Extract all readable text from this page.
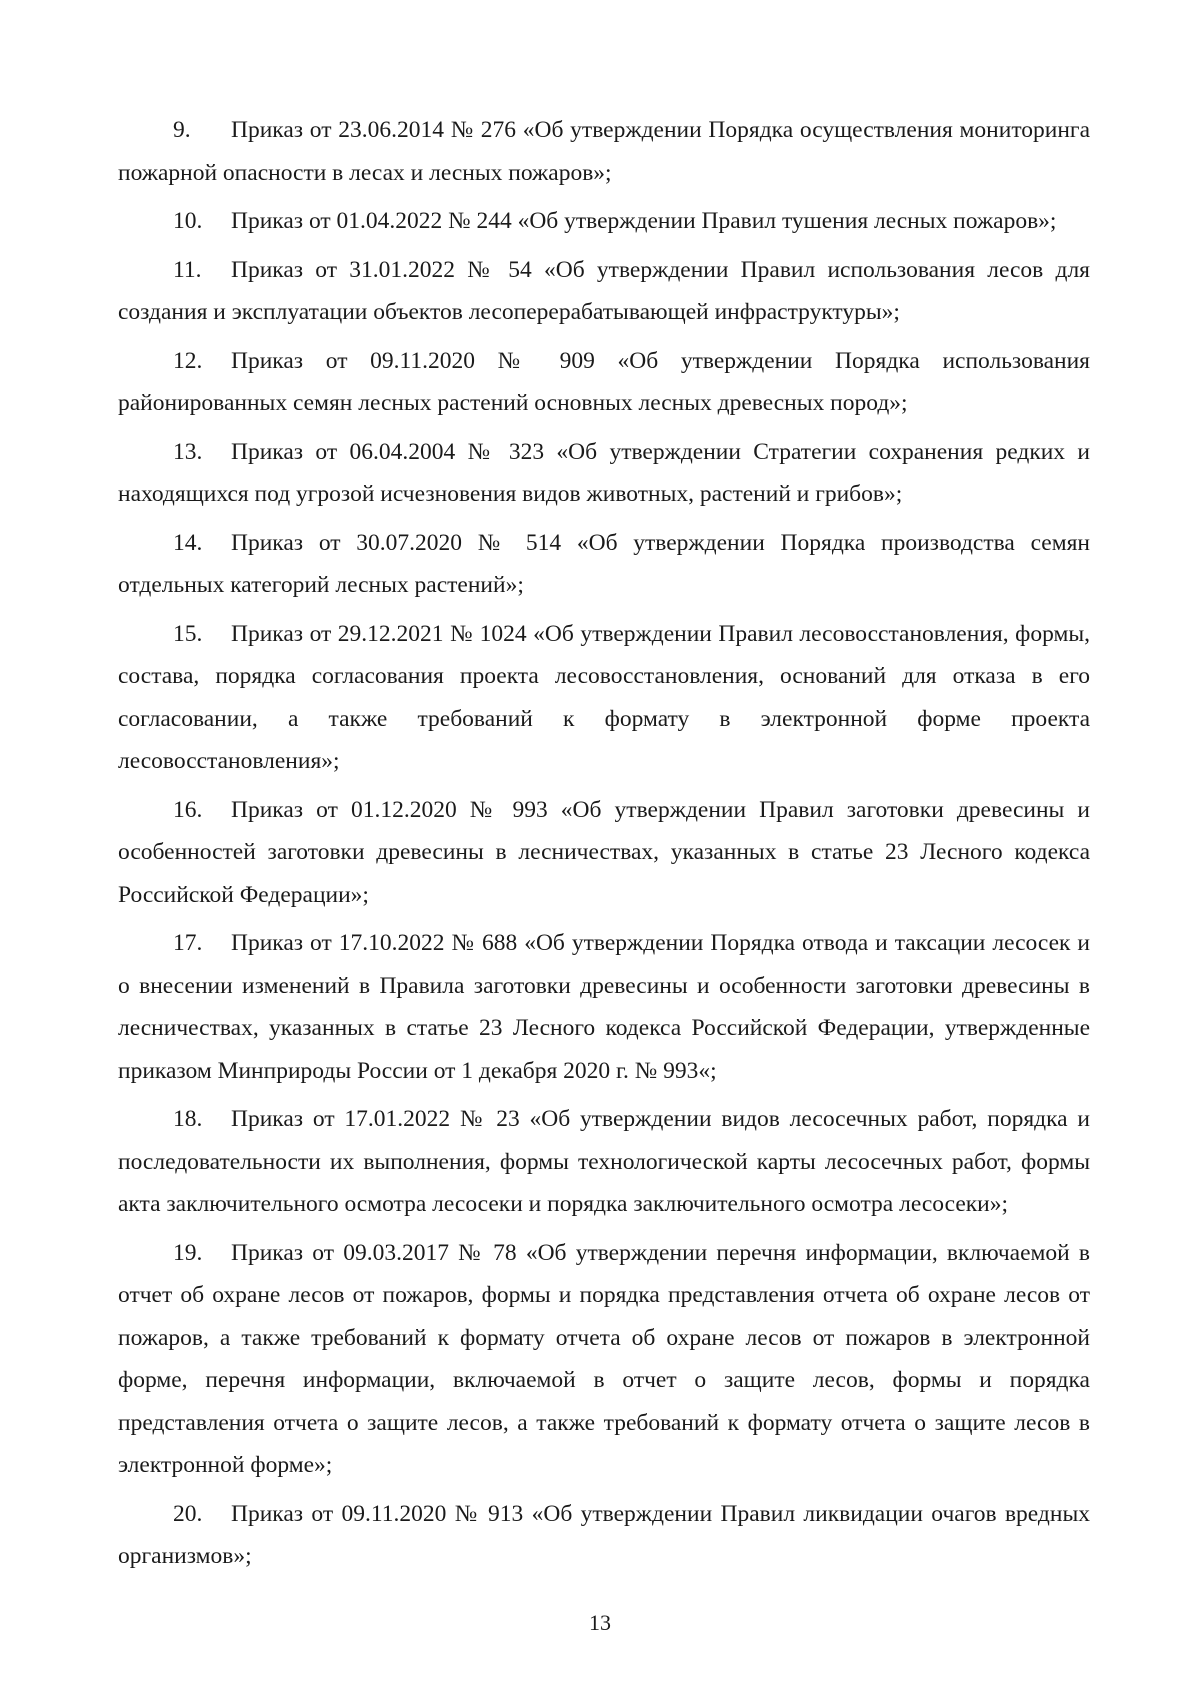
9. Приказ от 23.06.2014 № 276 «Об утверждении Порядка осуществления мониторинга пожарной опасности в лесах и лесных пожаров»;

10. Приказ от 01.04.2022 № 244 «Об утверждении Правил тушения лесных пожаров»;

11. Приказ от 31.01.2022 № 54 «Об утверждении Правил использования лесов для создания и эксплуатации объектов лесоперерабатывающей инфраструктуры»;

12. Приказ от 09.11.2020 № 909 «Об утверждении Порядка использования районированных семян лесных растений основных лесных древесных пород»;

13. Приказ от 06.04.2004 № 323 «Об утверждении Стратегии сохранения редких и находящихся под угрозой исчезновения видов животных, растений и грибов»;

14. Приказ от 30.07.2020 № 514 «Об утверждении Порядка производства семян отдельных категорий лесных растений»;

15. Приказ от 29.12.2021 № 1024 «Об утверждении Правил лесовосстановления, формы, состава, порядка согласования проекта лесовосстановления, оснований для отказа в его согласовании, а также требований к формату в электронной форме проекта лесовосстановления»;

16. Приказ от 01.12.2020 № 993 «Об утверждении Правил заготовки древесины и особенностей заготовки древесины в лесничествах, указанных в статье 23 Лесного кодекса Российской Федерации»;

17. Приказ от 17.10.2022 № 688 «Об утверждении Порядка отвода и таксации лесосек и о внесении изменений в Правила заготовки древесины и особенности заготовки древесины в лесничествах, указанных в статье 23 Лесного кодекса Российской Федерации, утвержденные приказом Минприроды России от 1 декабря 2020 г. № 993«;

18. Приказ от 17.01.2022 № 23 «Об утверждении видов лесосечных работ, порядка и последовательности их выполнения, формы технологической карты лесосечных работ, формы акта заключительного осмотра лесосеки и порядка заключительного осмотра лесосеки»;

19. Приказ от 09.03.2017 № 78 «Об утверждении перечня информации, включаемой в отчет об охране лесов от пожаров, формы и порядка представления отчета об охране лесов от пожаров, а также требований к формату отчета об охране лесов от пожаров в электронной форме, перечня информации, включаемой в отчет о защите лесов, формы и порядка представления отчета о защите лесов, а также требований к формату отчета о защите лесов в электронной форме»;

20. Приказ от 09.11.2020 № 913 «Об утверждении Правил ликвидации очагов вредных организмов»;

13
